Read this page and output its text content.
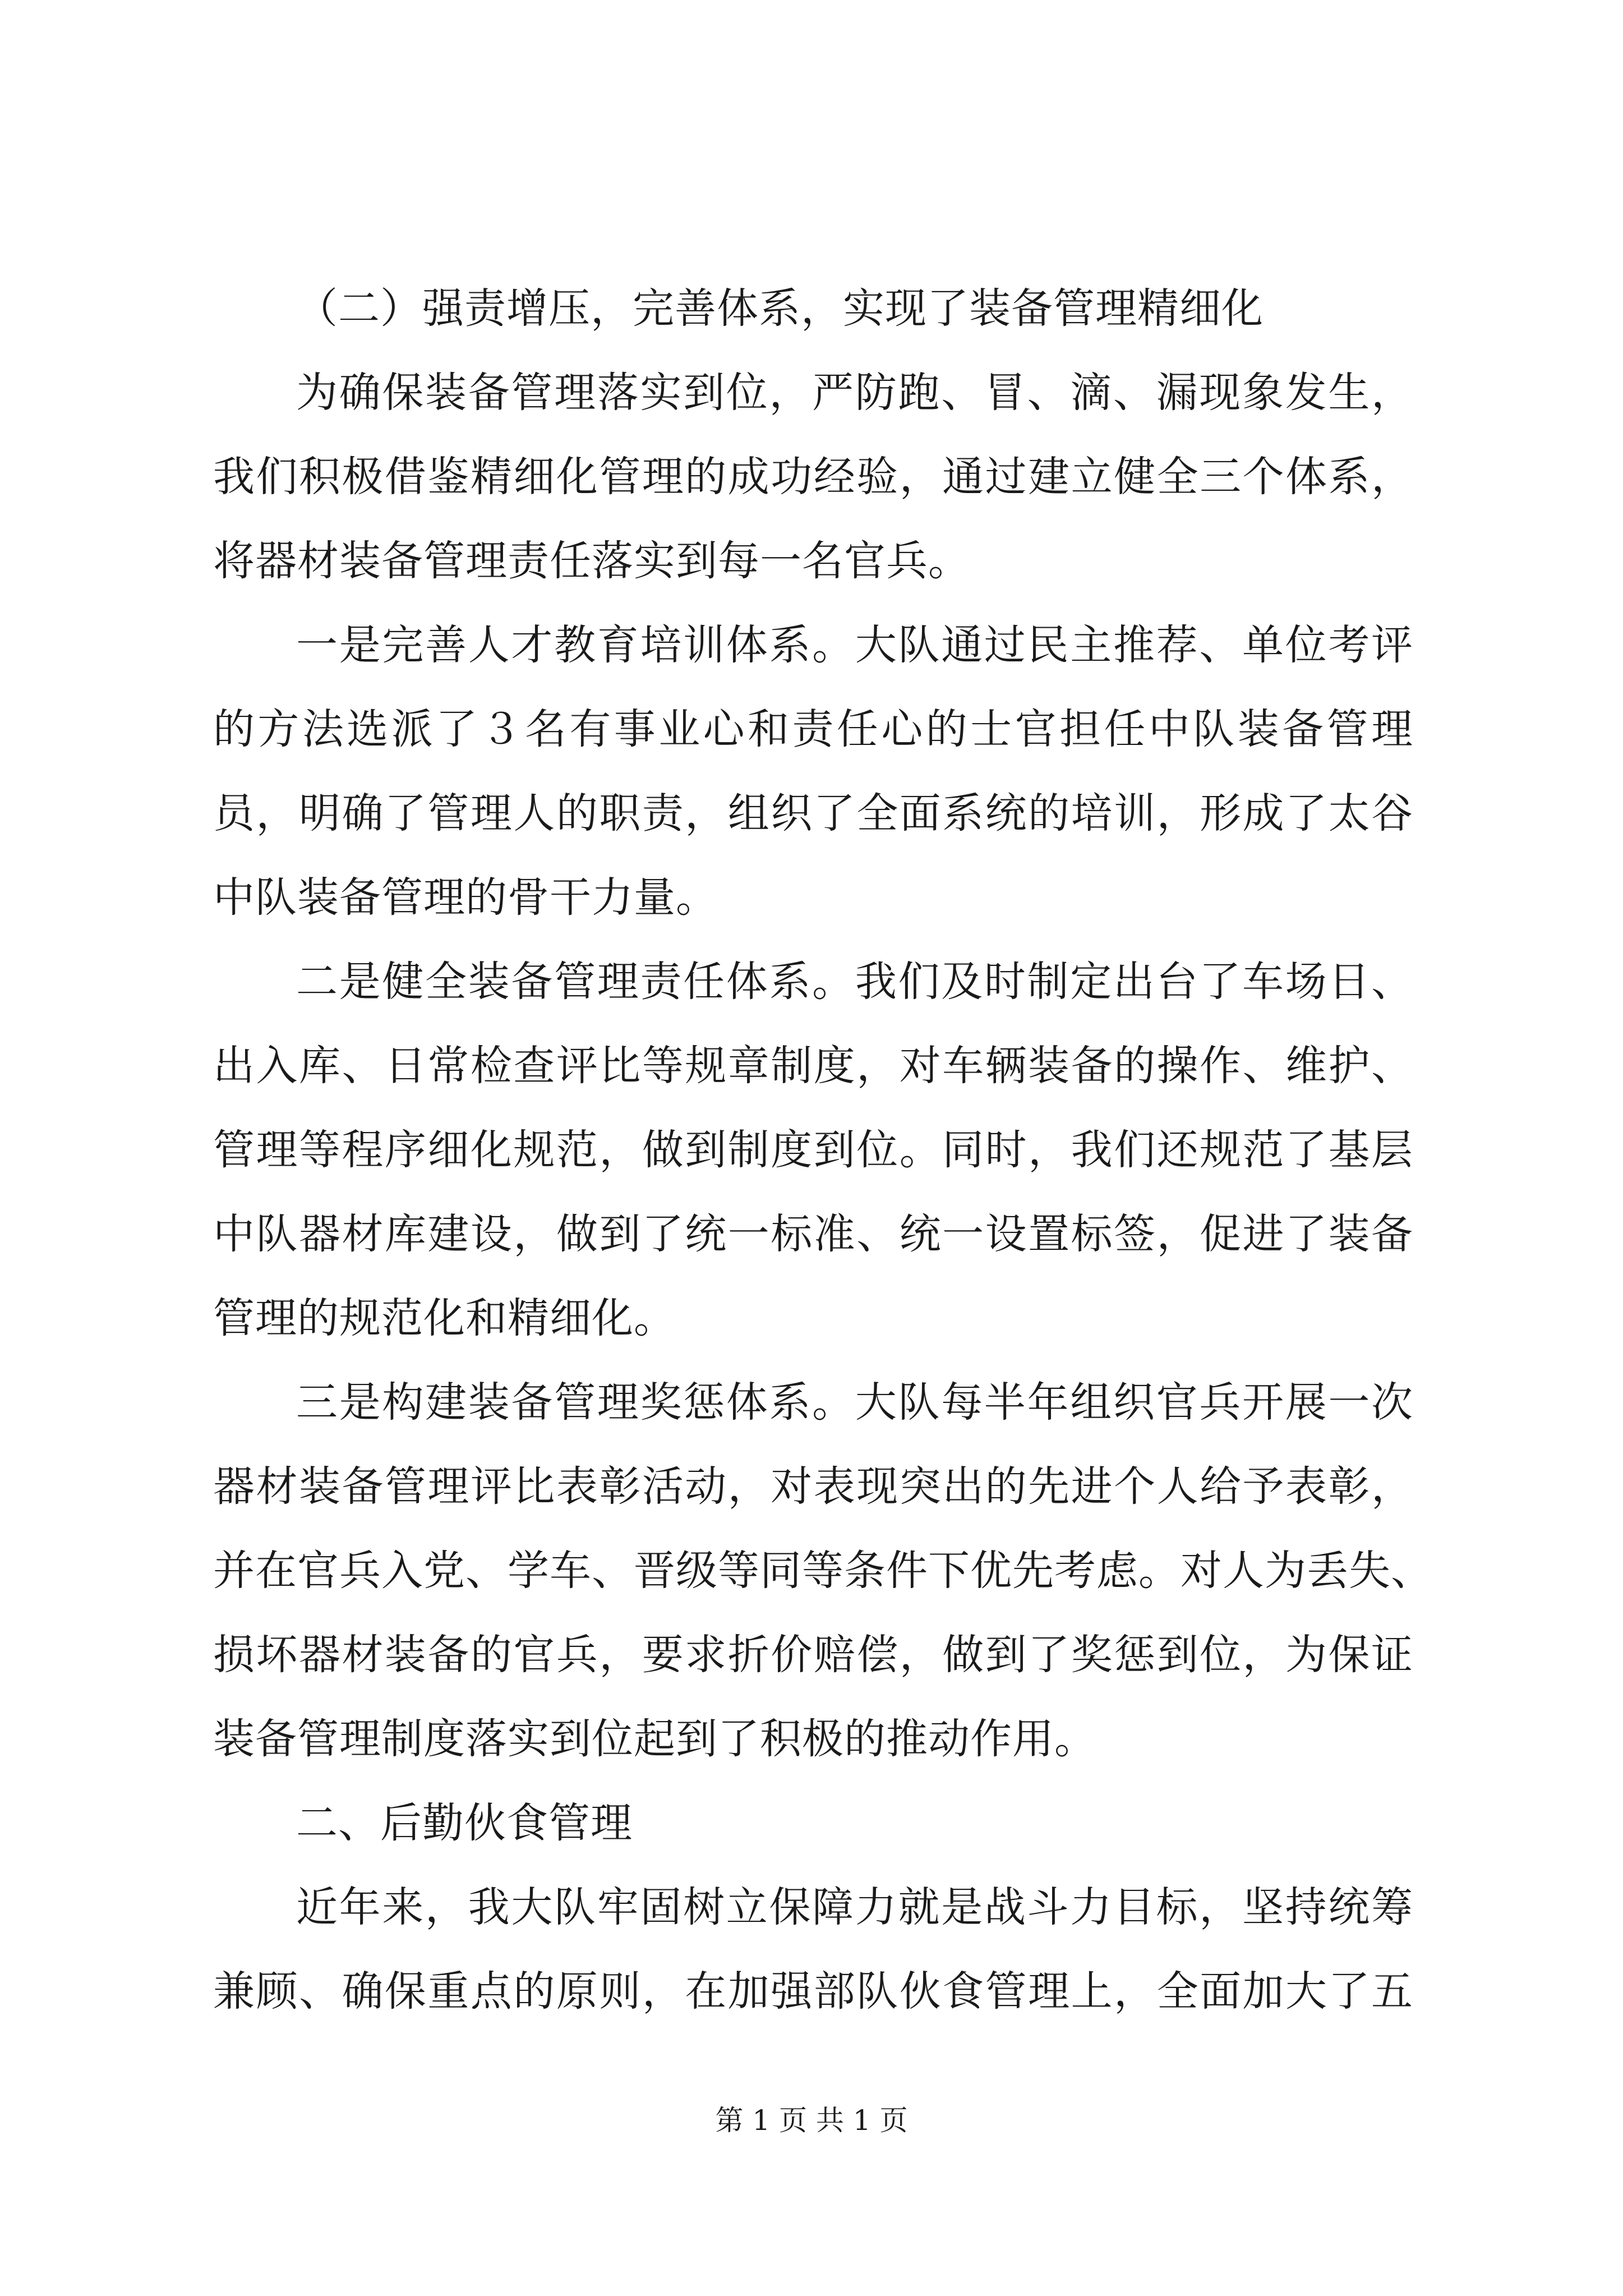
（二）强责增压，完善体系，实现了装备管理精细化
为确保装备管理落实到位，严防跑、冒、滴、漏现象发生，
我们积极借鉴精细化管理的成功经验，通过建立健全三个体系，
将器材装备管理责任落实到每一名官兵。
一是完善人才教育培训体系。大队通过民主推荐、单位考评
的方法选派了３名有事业心和责任心的士官担任中队装备管理
员，明确了管理人的职责，组织了全面系统的培训，形成了太谷
中队装备管理的骨干力量。
二是健全装备管理责任体系。我们及时制定出台了车场日、
出入库、日常检查评比等规章制度，对车辆装备的操作、维护、
管理等程序细化规范，做到制度到位。同时，我们还规范了基层
中队器材库建设，做到了统一标准、统一设置标签，促进了装备
管理的规范化和精细化。
三是构建装备管理奖惩体系。大队每半年组织官兵开展一次
器材装备管理评比表彰活动，对表现突出的先进个人给予表彰，
并在官兵入党、学车、晋级等同等条件下优先考虑。对人为丢失、
损坏器材装备的官兵，要求折价赔偿，做到了奖惩到位，为保证
装备管理制度落实到位起到了积极的推动作用。
二、后勤伙食管理
近年来，我大队牢固树立保障力就是战斗力目标，坚持统筹
兼顾、确保重点的原则，在加强部队伙食管理上，全面加大了五
第 1 页 共 1 页
